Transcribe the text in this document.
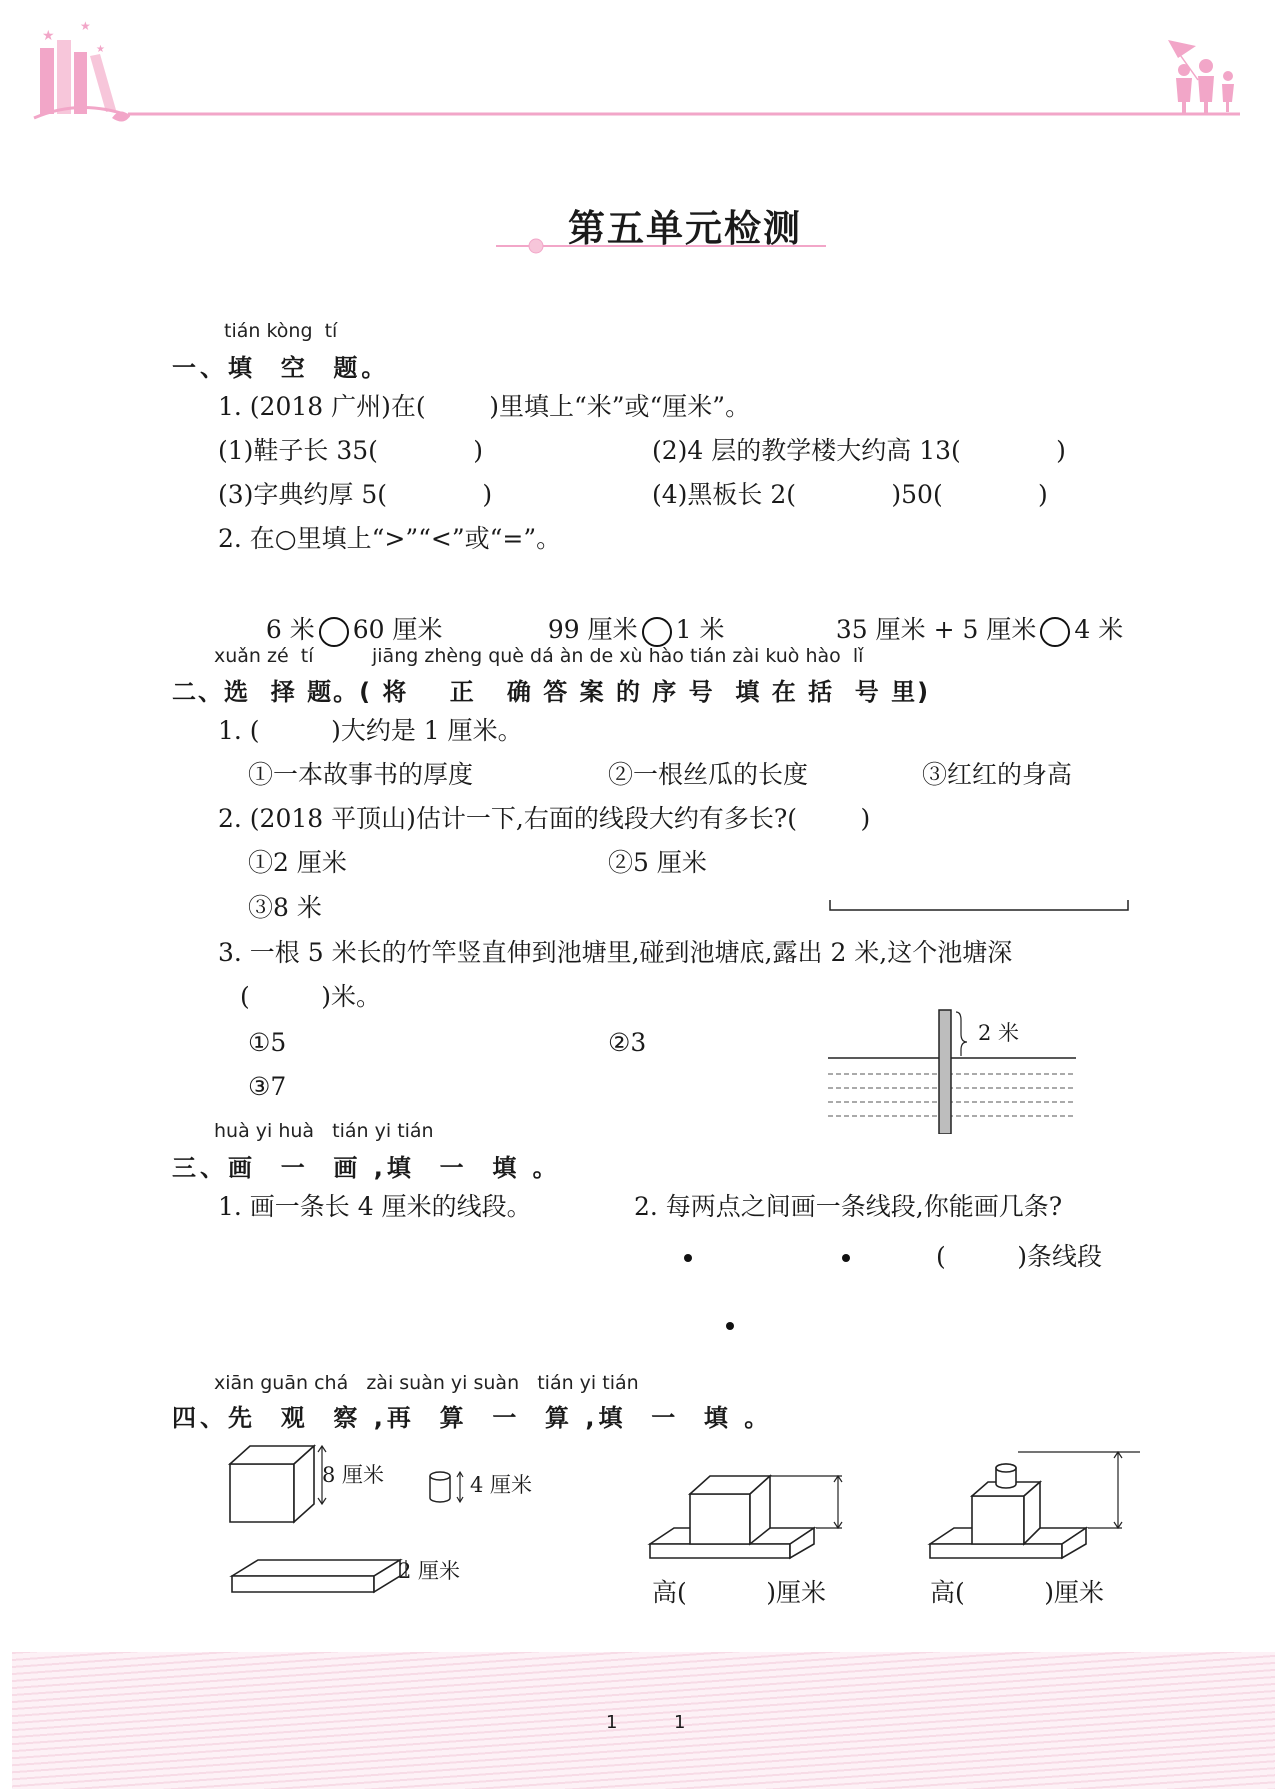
★
★
★
第五单元检测
tián kòng  tí
一、填  空  题。
1. (2018 广州)在(        )里填上“米”或“厘米”。
(1)鞋子长 35(            )	(2)4 层的教学楼大约高 13(            )
(3)字典约厚 5(            )	(4)黑板长 2(            )50(            )
2. 在○里填上“>”“<”或“=”。

6 米 60 厘米	99 厘米 1 米	35 厘米 + 5 厘米 4 米

xuǎn zé  tí	jiāng zhèng què dá àn de xù hào tián zài kuò hào  lǐ
二、选  择 题。( 将    正   确 答 案 的 序 号  填 在 括  号 里)
1. (         )大约是 1 厘米。
①一本故事书的厚度	②一根丝瓜的长度	③红红的身高
2. (2018 平顶山)估计一下,右面的线段大约有多长?(        )
①2 厘米	②5 厘米
③8 米
3. 一根 5 米长的竹竿竖直伸到池塘里,碰到池塘底,露出 2 米,这个池塘深
(         )米。
①5	②3
③7
2 米
huà yi huà   tián yi tián
三、画  一  画 ,填  一  填 。
1. 画一条长 4 厘米的线段。	2. 每两点之间画一条线段,你能画几条?
(         )条线段
xiān guān chá   zài suàn yi suàn   tián yi tián
四、先  观  察 ,再  算  一  算 ,填  一  填 。
8 厘米	4 厘米
2 厘米
高(          )厘米	高(          )厘米
1	1
